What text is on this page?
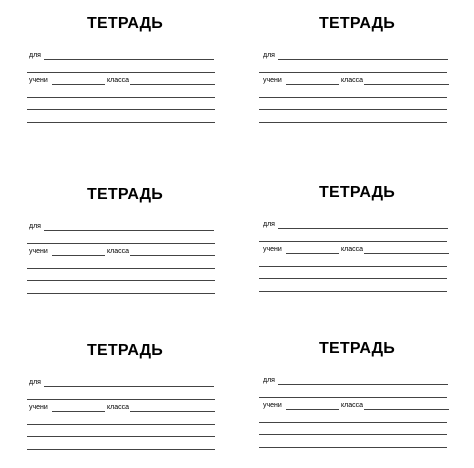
ТЕТРАДЬ
для
учени	класса
ТЕТРАДЬ
для
учени	класса
ТЕТРАДЬ
для
учени	класса
ТЕТРАДЬ
для
учени	класса
ТЕТРАДЬ
для
учени	класса
ТЕТРАДЬ
для
учени	класса
